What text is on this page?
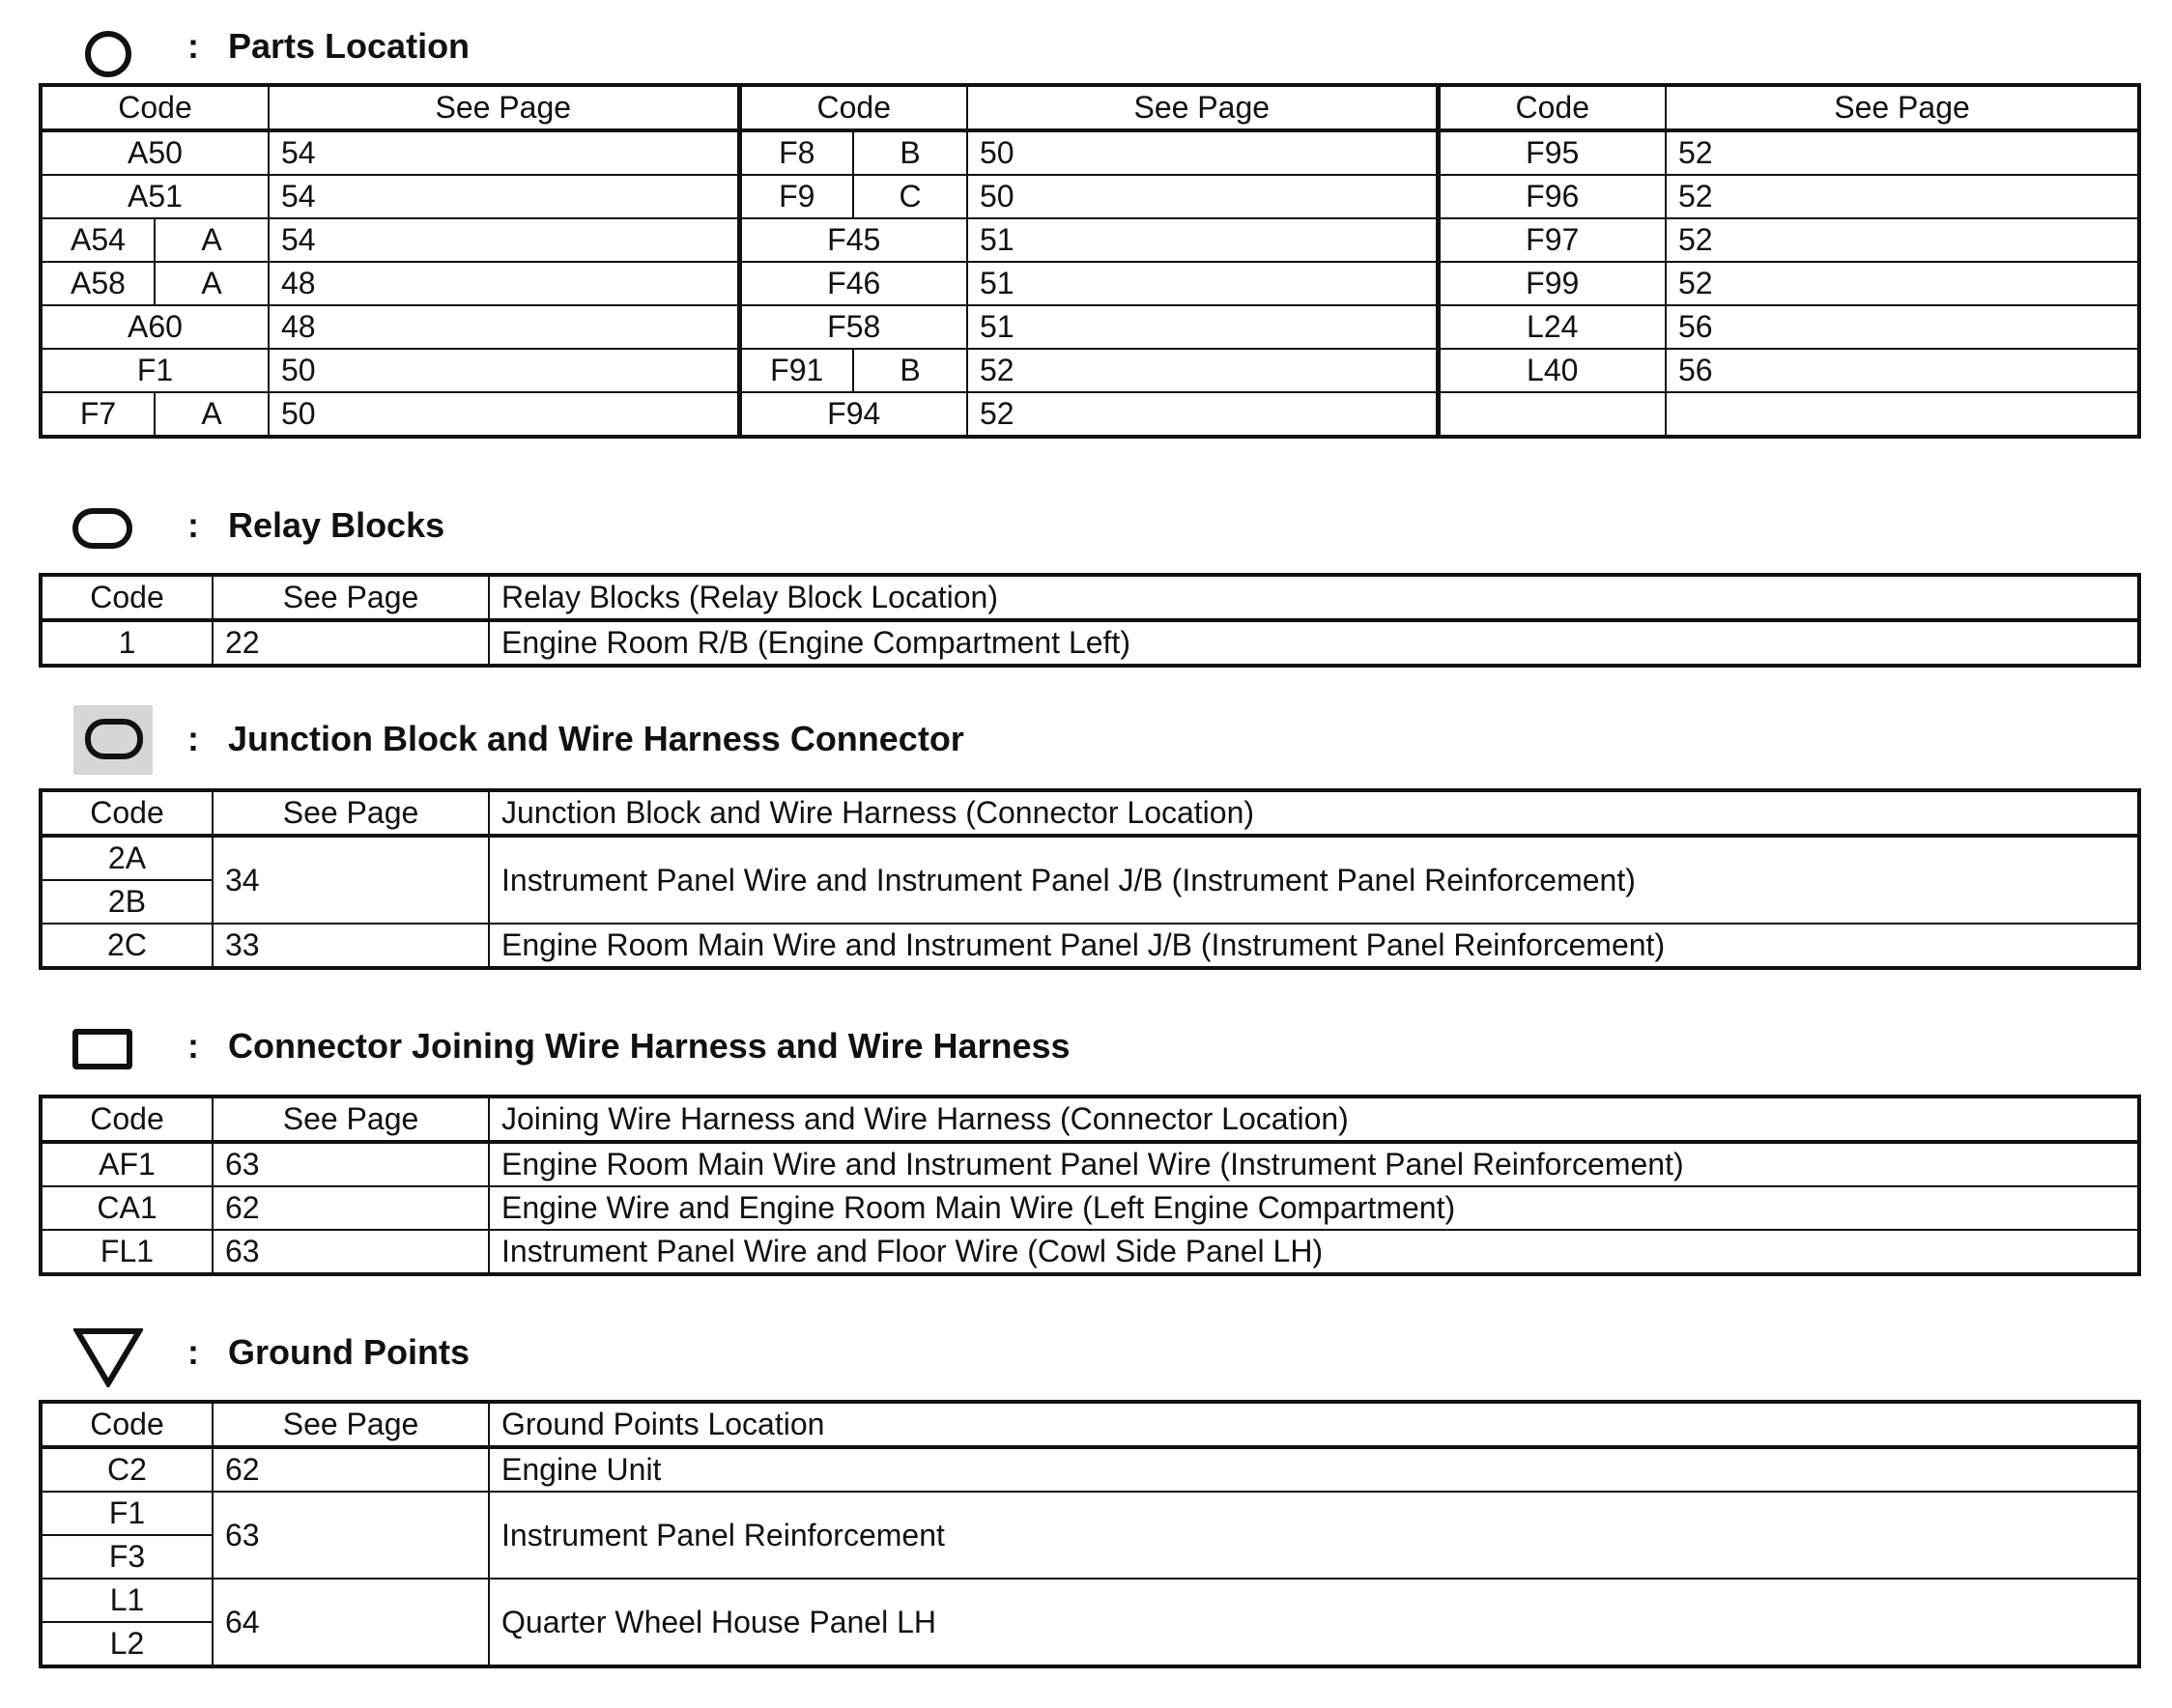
: Parts Location
Code		See Page	Code		See Page	Code	See Page
A50		54	F8	B	50	F95	52
A51		54	F9	C	50	F96	52
A54	A	54	F45		51	F97	52
A58	A	48	F46		51	F99	52
A60		48	F58		51	L24	56
F1		50	F91	B	52	L40	56
F7	A	50	F94		52		
: Relay Blocks
Code	See Page	Relay Blocks (Relay Block Location)
1	22	Engine Room R/B (Engine Compartment Left)
: Junction Block and Wire Harness Connector
Code	See Page	Junction Block and Wire Harness (Connector Location)
2A	34	Instrument Panel Wire and Instrument Panel J/B (Instrument Panel Reinforcement)
2B		
2C	33	Engine Room Main Wire and Instrument Panel J/B (Instrument Panel Reinforcement)
: Connector Joining Wire Harness and Wire Harness
Code	See Page	Joining Wire Harness and Wire Harness (Connector Location)
AF1	63	Engine Room Main Wire and Instrument Panel Wire (Instrument Panel Reinforcement)
CA1	62	Engine Wire and Engine Room Main Wire (Left Engine Compartment)
FL1	63	Instrument Panel Wire and Floor Wire (Cowl Side Panel LH)
: Ground Points
Code	See Page	Ground Points Location
C2	62	Engine Unit
F1	63	Instrument Panel Reinforcement
F3		
L1	64	Quarter Wheel House Panel LH
L2		
